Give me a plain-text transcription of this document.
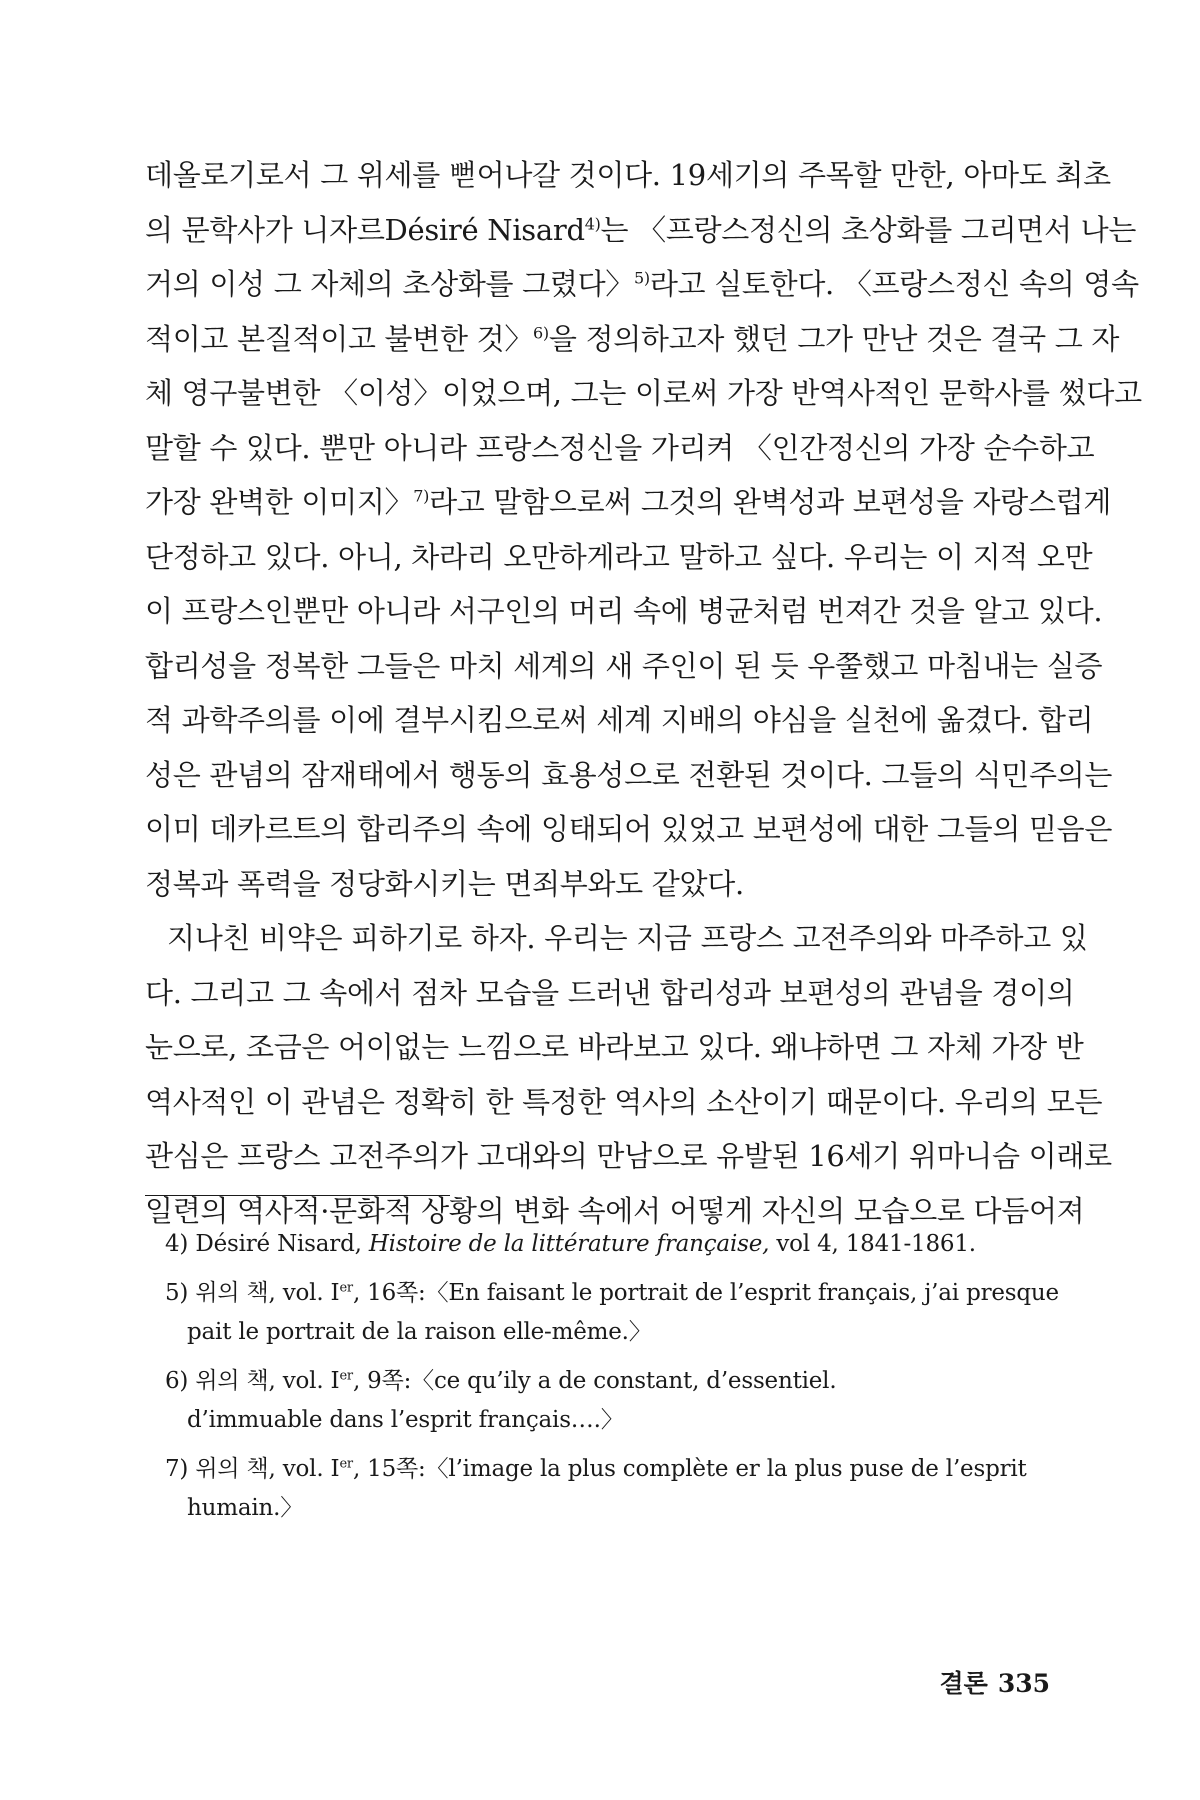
데올로기로서 그 위세를 뻗어나갈 것이다. 19세기의 주목할 만한, 아마도 최초
의 문학사가 니자르Désiré Nisard$^{4)}$는 〈프랑스정신의 초상화를 그리면서 나는
거의 이성 그 자체의 초상화를 그렸다〉$^{5)}$라고 실토한다. 〈프랑스정신 속의 영속
적이고 본질적이고 불변한 것〉$^{6)}$을 정의하고자 했던 그가 만난 것은 결국 그 자
체 영구불변한 〈이성〉이었으며, 그는 이로써 가장 반역사적인 문학사를 썼다고
말할 수 있다. 뿐만 아니라 프랑스정신을 가리켜 〈인간정신의 가장 순수하고
가장 완벽한 이미지〉$^{7)}$라고 말함으로써 그것의 완벽성과 보편성을 자랑스럽게
단정하고 있다. 아니, 차라리 오만하게라고 말하고 싶다. 우리는 이 지적 오만
이 프랑스인뿐만 아니라 서구인의 머리 속에 병균처럼 번져간 것을 알고 있다.
합리성을 정복한 그들은 마치 세계의 새 주인이 된 듯 우쭐했고 마침내는 실증
적 과학주의를 이에 결부시킴으로써 세계 지배의 야심을 실천에 옮겼다. 합리
성은 관념의 잠재태에서 행동의 효용성으로 전환된 것이다. 그들의 식민주의는
이미 데카르트의 합리주의 속에 잉태되어 있었고 보편성에 대한 그들의 믿음은
정복과 폭력을 정당화시키는 면죄부와도 같았다.
지나친 비약은 피하기로 하자. 우리는 지금 프랑스 고전주의와 마주하고 있
다. 그리고 그 속에서 점차 모습을 드러낸 합리성과 보편성의 관념을 경이의
눈으로, 조금은 어이없는 느낌으로 바라보고 있다. 왜냐하면 그 자체 가장 반
역사적인 이 관념은 정확히 한 특정한 역사의 소산이기 때문이다. 우리의 모든
관심은 프랑스 고전주의가 고대와의 만남으로 유발된 16세기 위마니슴 이래로
일련의 역사적·문화적 상황의 변화 속에서 어떻게 자신의 모습으로 다듬어져
4) Désiré Nisard, Histoire de la littérature française, vol 4, 1841-1861.
5) 위의 책, vol. Ier, 16쪽:〈En faisant le portrait de l’esprit français, j’ai presque
pait le portrait de la raison elle-même.〉
6) 위의 책, vol. Ier, 9쪽:〈ce qu’ily a de constant, d’essentiel.
d’immuable dans l’esprit français….〉
7) 위의 책, vol. Ier, 15쪽:〈l’image la plus complète er la plus puse de l’esprit
humain.〉
결론 335
